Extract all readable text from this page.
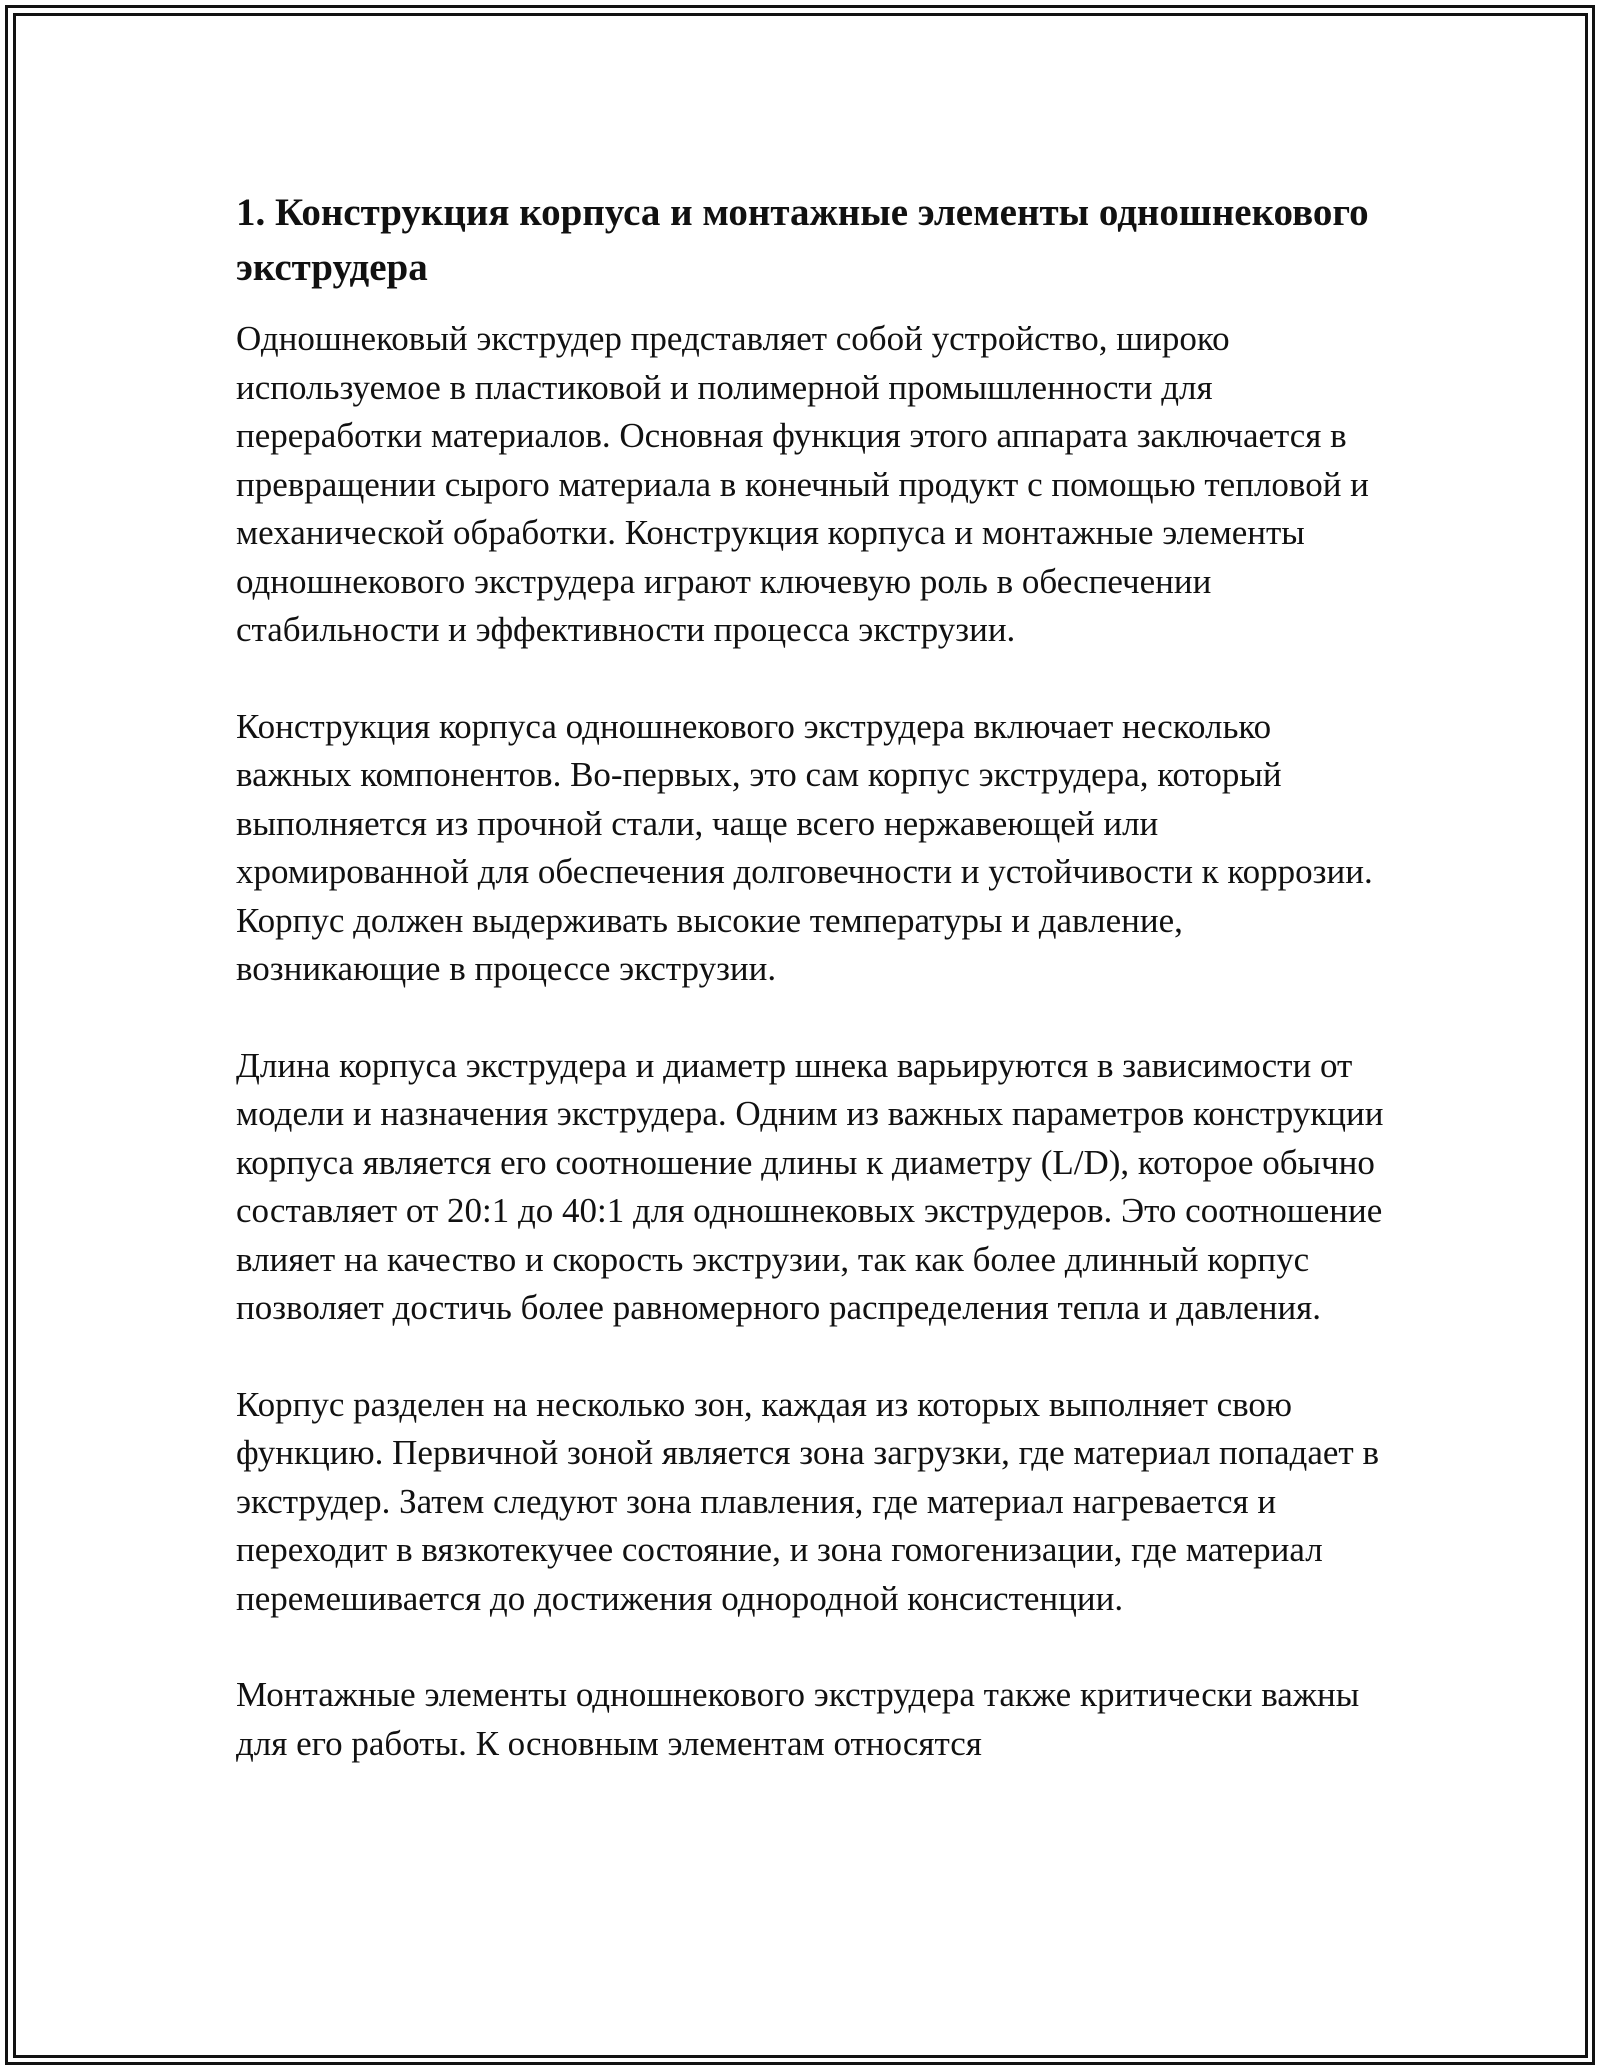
1. Конструкция корпуса и монтажные элементы одношнекового экструдера

Одношнековый экструдер представляет собой устройство, широко используемое в пластиковой и полимерной промышленности для переработки материалов. Основная функция этого аппарата заключается в превращении сырого материала в конечный продукт с помощью тепловой и механической обработки. Конструкция корпуса и монтажные элементы одношнекового экструдера играют ключевую роль в обеспечении стабильности и эффективности процесса экструзии.

Конструкция корпуса одношнекового экструдера включает несколько важных компонентов. Во-первых, это сам корпус экструдера, который выполняется из прочной стали, чаще всего нержавеющей или хромированной для обеспечения долговечности и устойчивости к коррозии. Корпус должен выдерживать высокие температуры и давление, возникающие в процессе экструзии.

Длина корпуса экструдера и диаметр шнека варьируются в зависимости от модели и назначения экструдера. Одним из важных параметров конструкции корпуса является его соотношение длины к диаметру (L/D), которое обычно составляет от 20:1 до 40:1 для одношнековых экструдеров. Это соотношение влияет на качество и скорость экструзии, так как более длинный корпус позволяет достичь более равномерного распределения тепла и давления.

Корпус разделен на несколько зон, каждая из которых выполняет свою функцию. Первичной зоной является зона загрузки, где материал попадает в экструдер. Затем следуют зона плавления, где материал нагревается и переходит в вязкотекучее состояние, и зона гомогенизации, где материал перемешивается до достижения однородной консистенции.

Монтажные элементы одношнекового экструдера также критически важны для его работы. К основным элементам относятся
